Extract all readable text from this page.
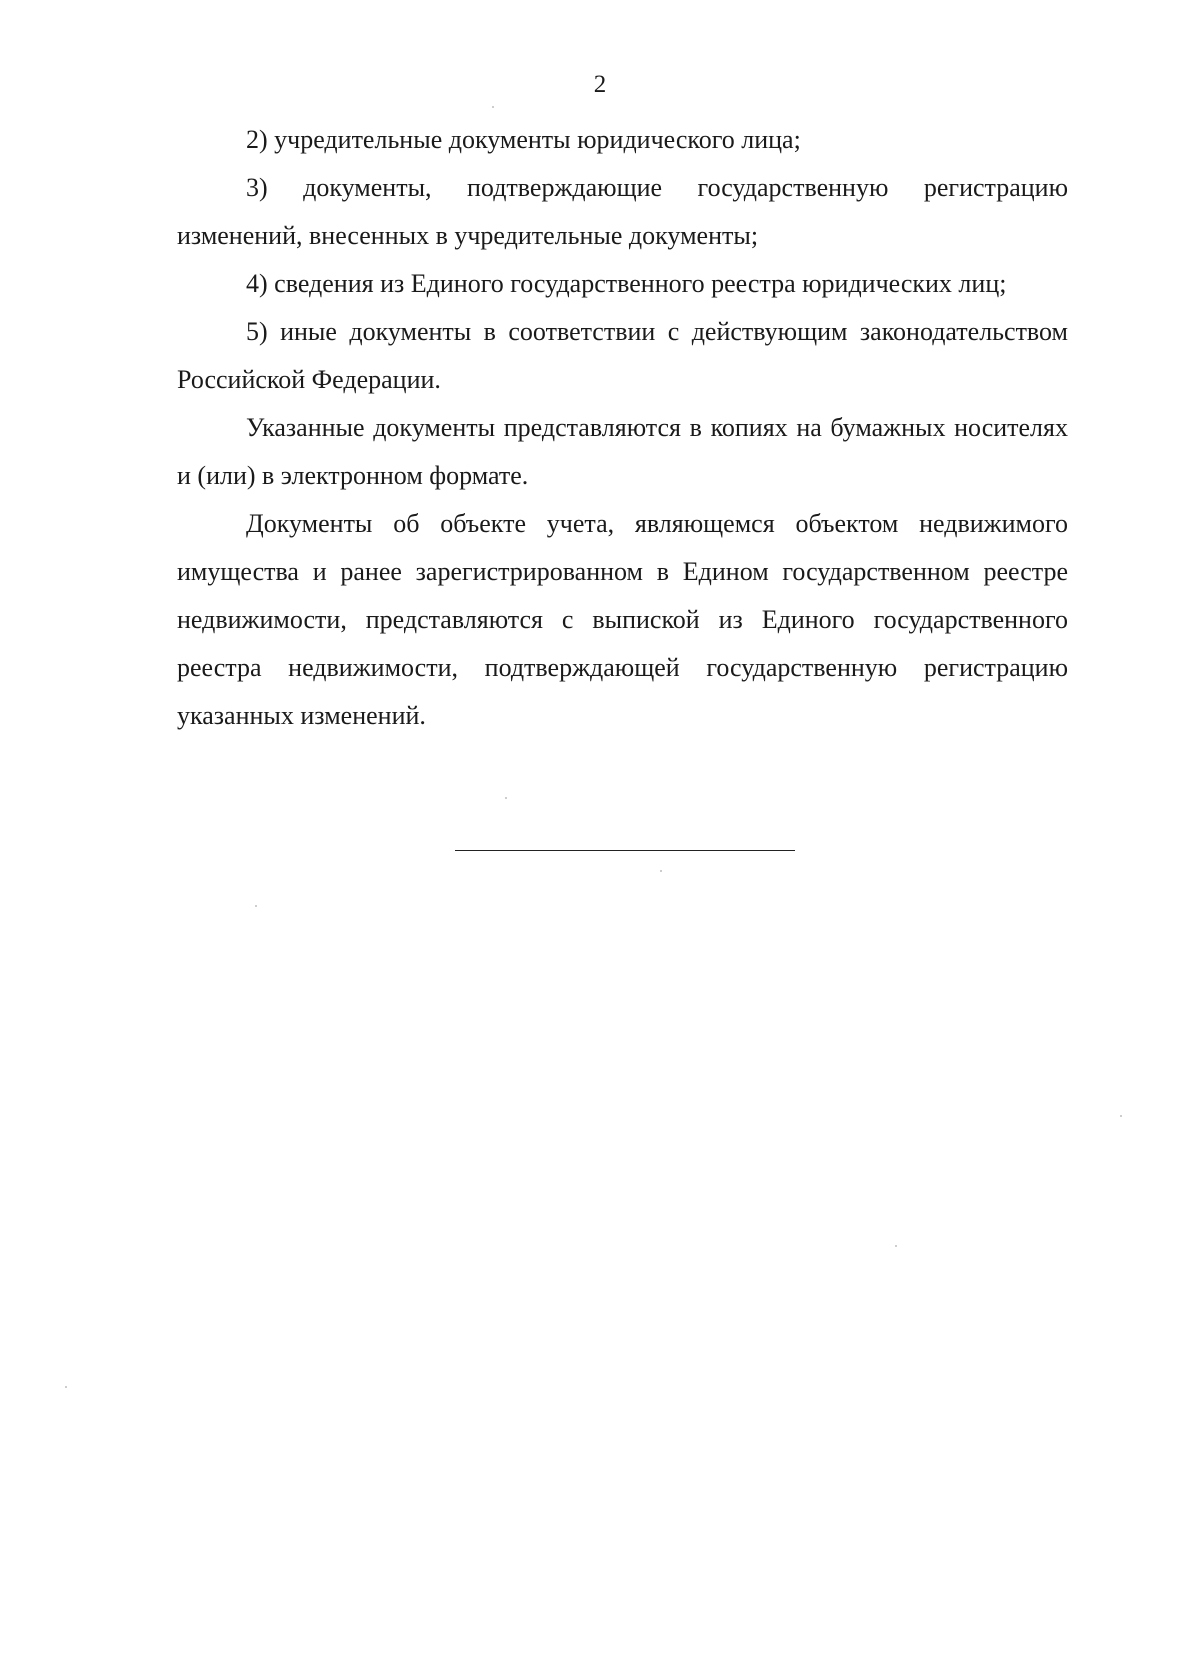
2

2) учредительные документы юридического лица;

3) документы, подтверждающие государственную регистрацию изменений, внесенных в учредительные документы;

4) сведения из Единого государственного реестра юридических лиц;

5) иные документы в соответствии с действующим законодательством Российской Федерации.

Указанные документы представляются в копиях на бумажных носителях и (или) в электронном формате.

Документы об объекте учета, являющемся объектом недвижимого имущества и ранее зарегистрированном в Едином государственном реестре недвижимости, представляются с выпиской из Единого государственного реестра недвижимости, подтверждающей государственную регистрацию указанных изменений.
